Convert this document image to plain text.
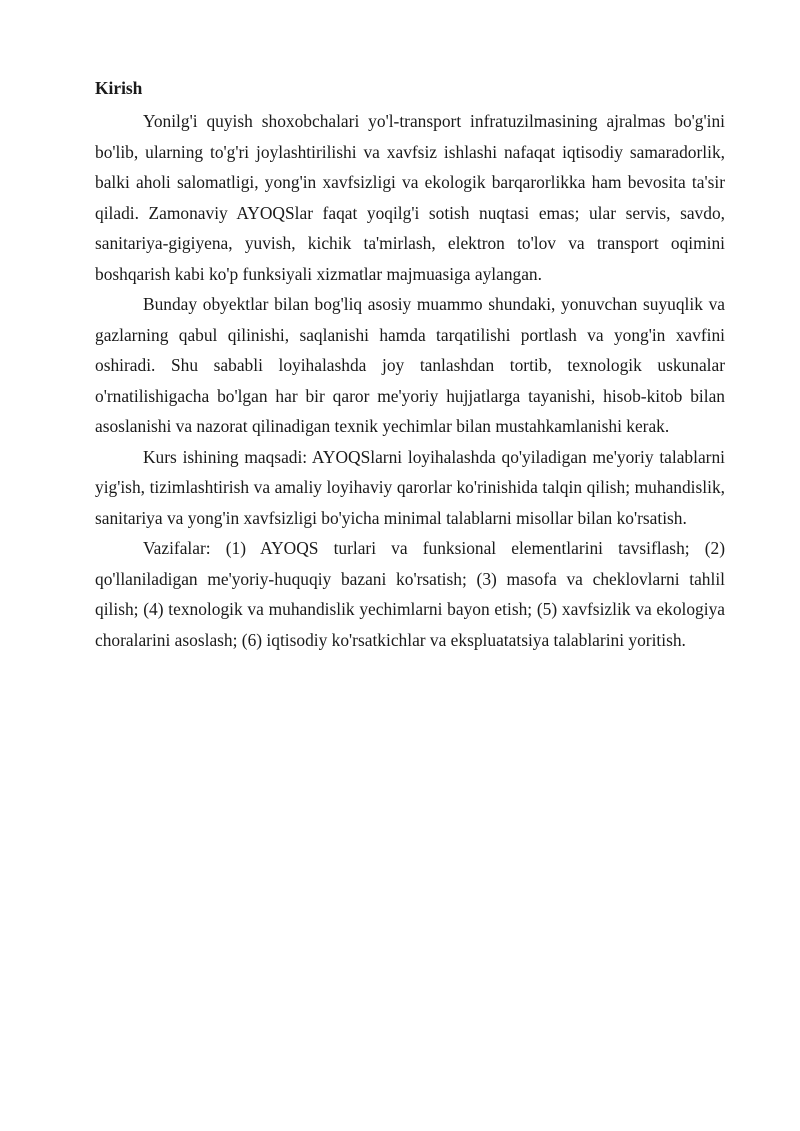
Kirish

Yonilg'i quyish shoxobchalari yo'l-transport infratuzilmasining ajralmas bo'g'ini bo'lib, ularning to'g'ri joylashtirilishi va xavfsiz ishlashi nafaqat iqtisodiy samaradorlik, balki aholi salomatligi, yong'in xavfsizligi va ekologik barqarorlikka ham bevosita ta'sir qiladi. Zamonaviy AYOQSlar faqat yoqilg'i sotish nuqtasi emas; ular servis, savdo, sanitariya-gigiyena, yuvish, kichik ta'mirlash, elektron to'lov va transport oqimini boshqarish kabi ko'p funksiyali xizmatlar majmuasiga aylangan.

Bunday obyektlar bilan bog'liq asosiy muammo shundaki, yonuvchan suyuqlik va gazlarning qabul qilinishi, saqlanishi hamda tarqatilishi portlash va yong'in xavfini oshiradi. Shu sababli loyihalashda joy tanlashdan tortib, texnologik uskunalar o'rnatilishigacha bo'lgan har bir qaror me'yoriy hujjatlarga tayanishi, hisob-kitob bilan asoslanishi va nazorat qilinadigan texnik yechimlar bilan mustahkamlanishi kerak.

Kurs ishining maqsadi: AYOQSlarni loyihalashda qo'yiladigan me'yoriy talablarni yig'ish, tizimlashtirish va amaliy loyihaviy qarorlar ko'rinishida talqin qilish; muhandislik, sanitariya va yong'in xavfsizligi bo'yicha minimal talablarni misollar bilan ko'rsatish.

Vazifalar: (1) AYOQS turlari va funksional elementlarini tavsiflash; (2) qo'llaniladigan me'yoriy-huquqiy bazani ko'rsatish; (3) masofa va cheklovlarni tahlil qilish; (4) texnologik va muhandislik yechimlarni bayon etish; (5) xavfsizlik va ekologiya choralarini asoslash; (6) iqtisodiy ko'rsatkichlar va ekspluatatsiya talablarini yoritish.
